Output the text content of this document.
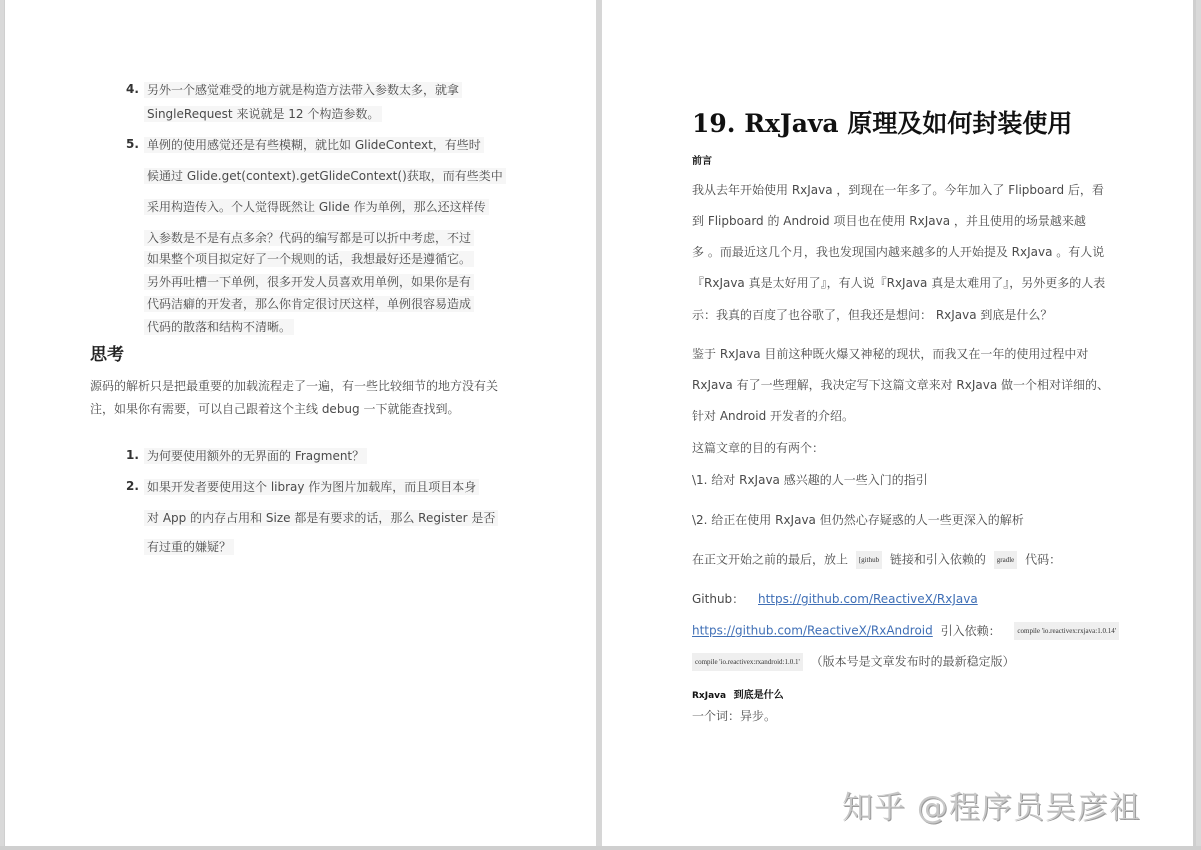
4. 另外一个感觉难受的地方就是构造方法带入参数太多，就拿
SingleRequest 来说就是 12 个构造参数。
5. 单例的使用感觉还是有些模糊，就比如 GlideContext，有些时
候通过 Glide.get(context).getGlideContext()获取，而有些类中
采用构造传入。个人觉得既然让 Glide 作为单例，那么还这样传
入参数是不是有点多余？代码的编写都是可以折中考虑，不过
如果整个项目拟定好了一个规则的话，我想最好还是遵循它。
另外再吐槽一下单例，很多开发人员喜欢用单例，如果你是有
代码洁癖的开发者，那么你肯定很讨厌这样，单例很容易造成
代码的散落和结构不清晰。
思考
源码的解析只是把最重要的加载流程走了一遍，有一些比较细节的地方没有关
注，如果你有需要，可以自己跟着这个主线 debug 一下就能查找到。
1. 为何要使用额外的无界面的 Fragment？
2. 如果开发者要使用这个 libray 作为图片加载库，而且项目本身
对 App 的内存占用和 Size 都是有要求的话，那么 Register 是否
有过重的嫌疑？
19. RxJava 原理及如何封装使用
前言
我从去年开始使用 RxJava ，到现在一年多了。今年加入了 Flipboard 后，看
到 Flipboard 的 Android 项目也在使用 RxJava ，并且使用的场景越来越
多 。而最近这几个月，我也发现国内越来越多的人开始提及 RxJava 。有人说
『RxJava 真是太好用了』，有人说『RxJava 真是太难用了』，另外更多的人表
示：我真的百度了也谷歌了，但我还是想问： RxJava 到底是什么？
鉴于 RxJava 目前这种既火爆又神秘的现状，而我又在一年的使用过程中对
RxJava 有了一些理解，我决定写下这篇文章来对 RxJava 做一个相对详细的、
针对 Android 开发者的介绍。
这篇文章的目的有两个：
\1. 给对 RxJava 感兴趣的人一些入门的指引
\2. 给正在使用 RxJava 但仍然心存疑惑的人一些更深入的解析
在正文开始之前的最后，放上 [github 链接和引入依赖的 gradle 代码：
Github： https://github.com/ReactiveX/RxJava
https://github.com/ReactiveX/RxAndroid 引入依赖： compile 'io.reactivex:rxjava:1.0.14'
compile 'io.reactivex:rxandroid:1.0.1' （版本号是文章发布时的最新稳定版）
RxJava 到底是什么
一个词：异步。
知乎 @程序员吴彦祖
